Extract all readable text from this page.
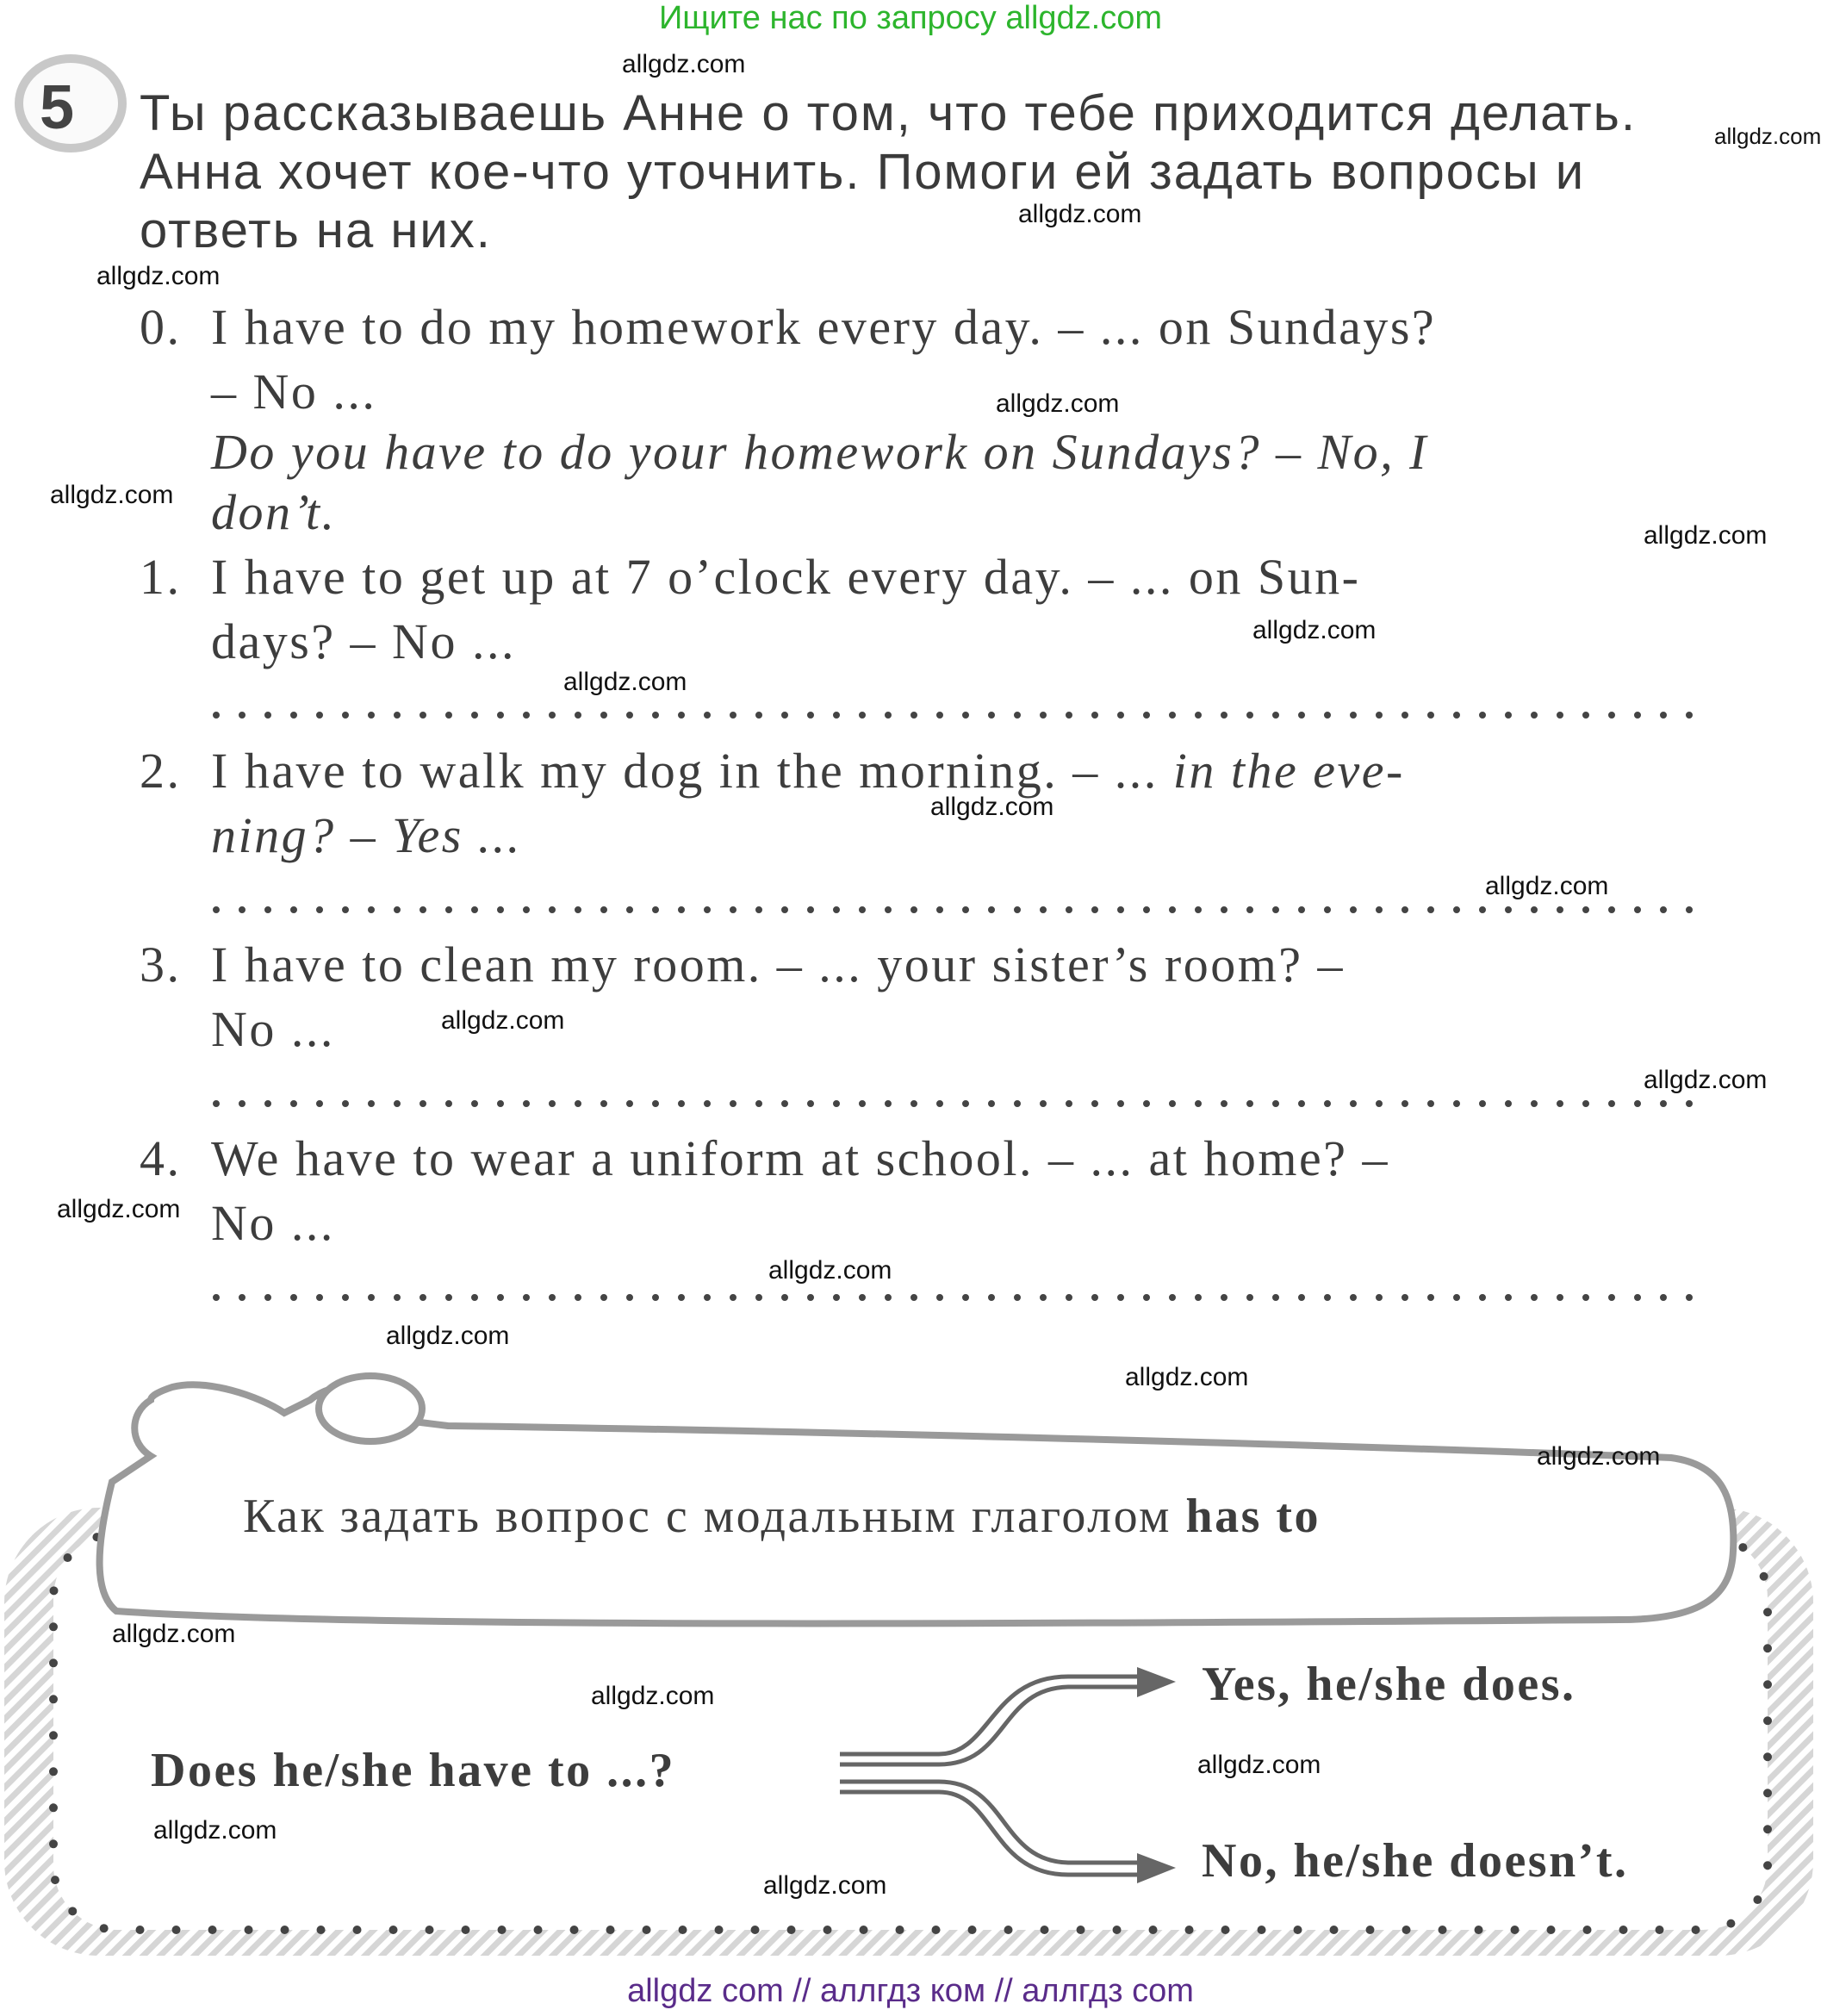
Ищите нас по запросу allgdz.com
5 Ты рассказываешь Анне о том, что тебе приходится делать.
Анна хочет кое-что уточнить. Помоги ей задать вопросы и
ответь на них.
0. I have to do my homework every day. – ... on Sundays?
– No ...
Do you have to do your homework on Sundays? – No, I
don’t.
1. I have to get up at 7 o’clock every day. – ... on Sun-
days? – No ...
2. I have to walk my dog in the morning. – ... in the eve-
ning? – Yes ...
3. I have to clean my room. – ... your sister’s room? –
No ...
4. We have to wear a uniform at school. – ... at home? –
No ...
Как задать вопрос с модальным глаголом has to
Does he/she have to ...?
Yes, he/she does.
No, he/she doesn’t.
allgdz.com
allgdz.com
allgdz.com
allgdz.com
allgdz.com
allgdz.com
allgdz.com
allgdz.com
allgdz.com
allgdz.com
allgdz.com
allgdz.com
allgdz.com
allgdz.com
allgdz.com
allgdz.com
allgdz.com
allgdz.com
allgdz.com
allgdz.com
allgdz.com
allgdz.com
allgdz.com
allgdz com // аллгдз ком // аллгдз com
